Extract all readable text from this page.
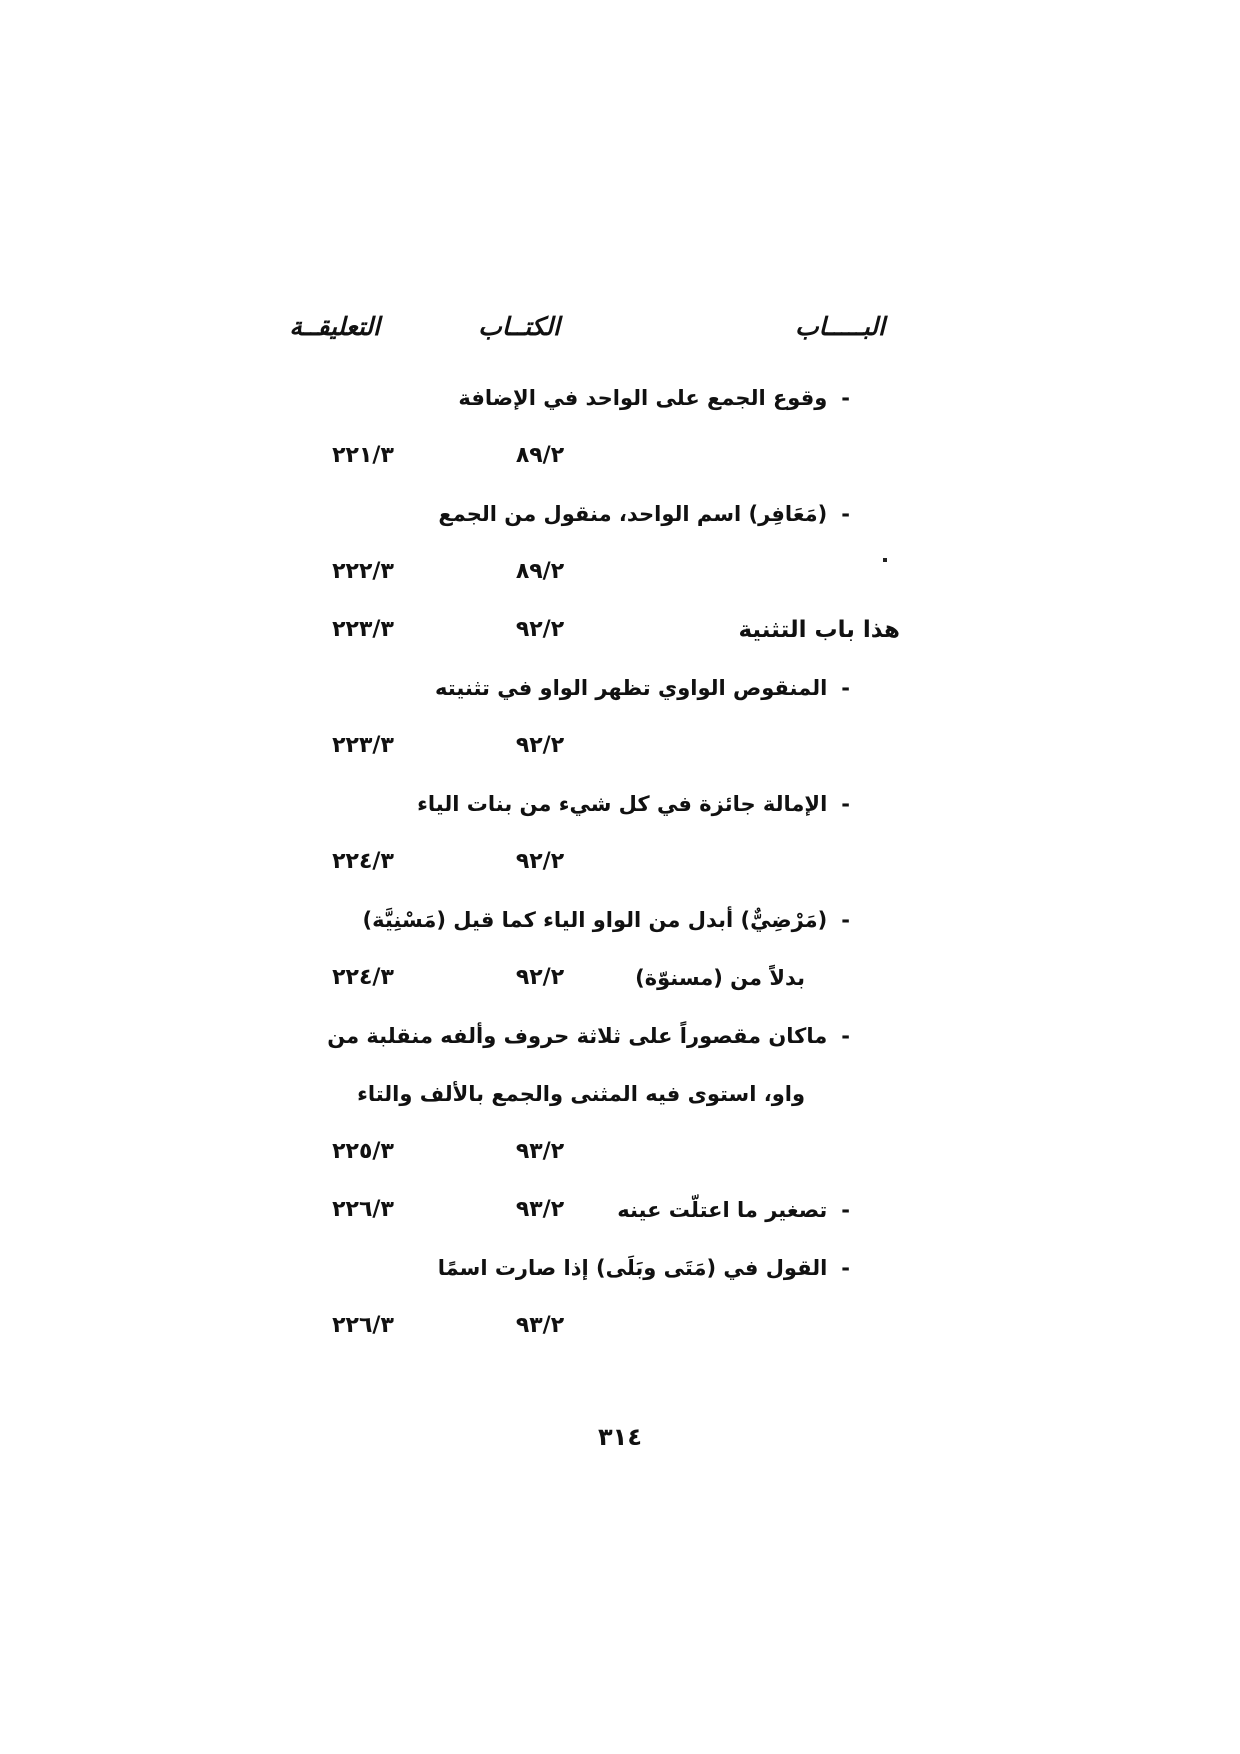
البـــــاب
الكتــاب
التعليقــة
-وقوع الجمع على الواحد في الإضافة
٨٩/٢
٢٢١/٣
-(مَعَافِر) اسم الواحد، منقول من الجمع
٨٩/٢
٢٢٢/٣
هذا باب التثنية
٩٢/٢
٢٢٣/٣
-المنقوص الواوي تظهر الواو في تثنيته
٩٢/٢
٢٢٣/٣
-الإمالة جائزة في كل شيء من بنات الياء
٩٢/٢
٢٢٤/٣
-(مَرْضِيٌّ) أبدل من الواو الياء كما قيل (مَسْنِيَّة)
بدلاً من (مسنوّة)
٩٢/٢
٢٢٤/٣
-ماكان مقصوراً على ثلاثة حروف وألفه منقلبة من
واو، استوى فيه المثنى والجمع بالألف والتاء
٩٣/٢
٢٢٥/٣
-تصغير ما اعتلّت عينه
٩٣/٢
٢٢٦/٣
-القول في (مَتَى وبَلَى) إذا صارت اسمًا
٩٣/٢
٢٢٦/٣
٣١٤
